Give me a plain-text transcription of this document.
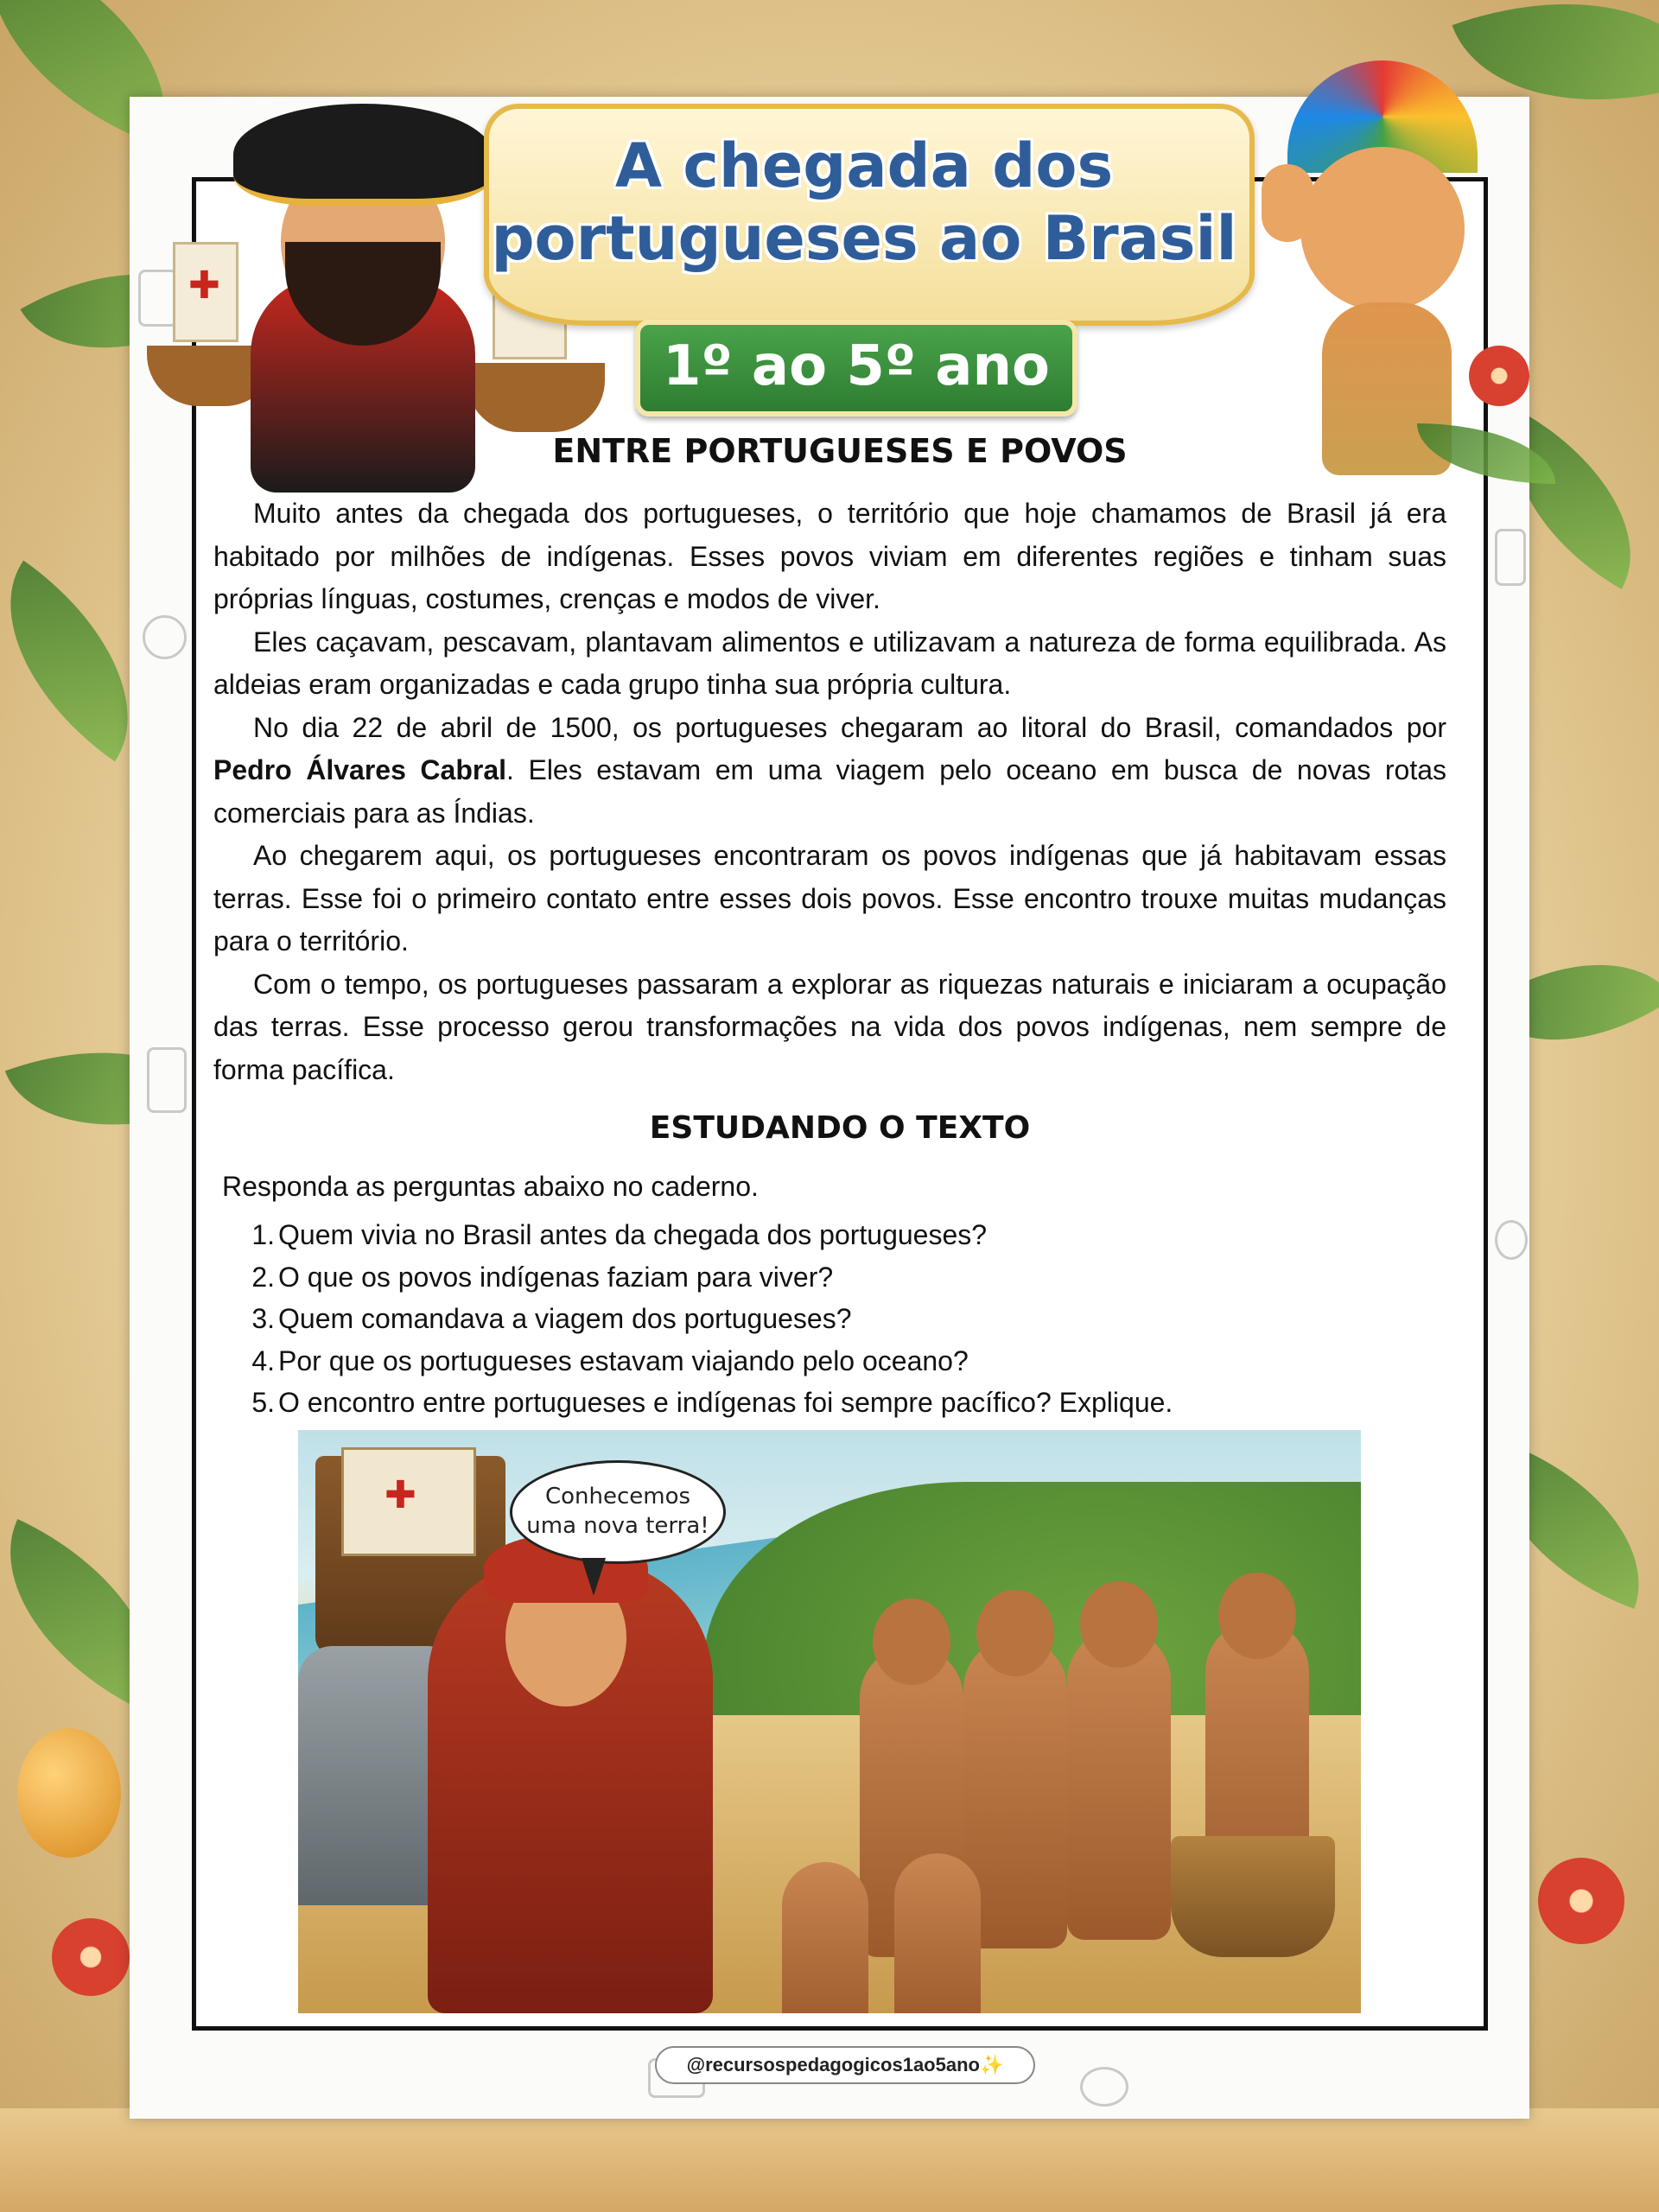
✚
A chegada dos portugueses ao Brasil
1º ao 5º ano
ENTRE PORTUGUESES E POVOS

Muito antes da chegada dos portugueses, o território que hoje chamamos de Brasil já era habitado por milhões de indígenas. Esses povos viviam em diferentes regiões e tinham suas próprias línguas, costumes, crenças e modos de viver.

Eles caçavam, pescavam, plantavam alimentos e utilizavam a natureza de forma equilibrada. As aldeias eram organizadas e cada grupo tinha sua própria cultura.

No dia 22 de abril de 1500, os portugueses chegaram ao litoral do Brasil, comandados por Pedro Álvares Cabral. Eles estavam em uma viagem pelo oceano em busca de novas rotas comerciais para as Índias.

Ao chegarem aqui, os portugueses encontraram os povos indígenas que já habitavam essas terras. Esse foi o primeiro contato entre esses dois povos. Esse encontro trouxe muitas mudanças para o território.

Com o tempo, os portugueses passaram a explorar as riquezas naturais e iniciaram a ocupação das terras. Esse processo gerou transformações na vida dos povos indígenas, nem sempre de forma pacífica.

ESTUDANDO O TEXTO

Responda as perguntas abaixo no caderno.

1. Quem vivia no Brasil antes da chegada dos portugueses?
2. O que os povos indígenas faziam para viver?
3. Quem comandava a viagem dos portugueses?
4. Por que os portugueses estavam viajando pelo oceano?
5. O encontro entre portugueses e indígenas foi sempre pacífico? Explique.
✚	Conhecemos
uma nova terra!
@recursospedagogicos1ao5ano✨
